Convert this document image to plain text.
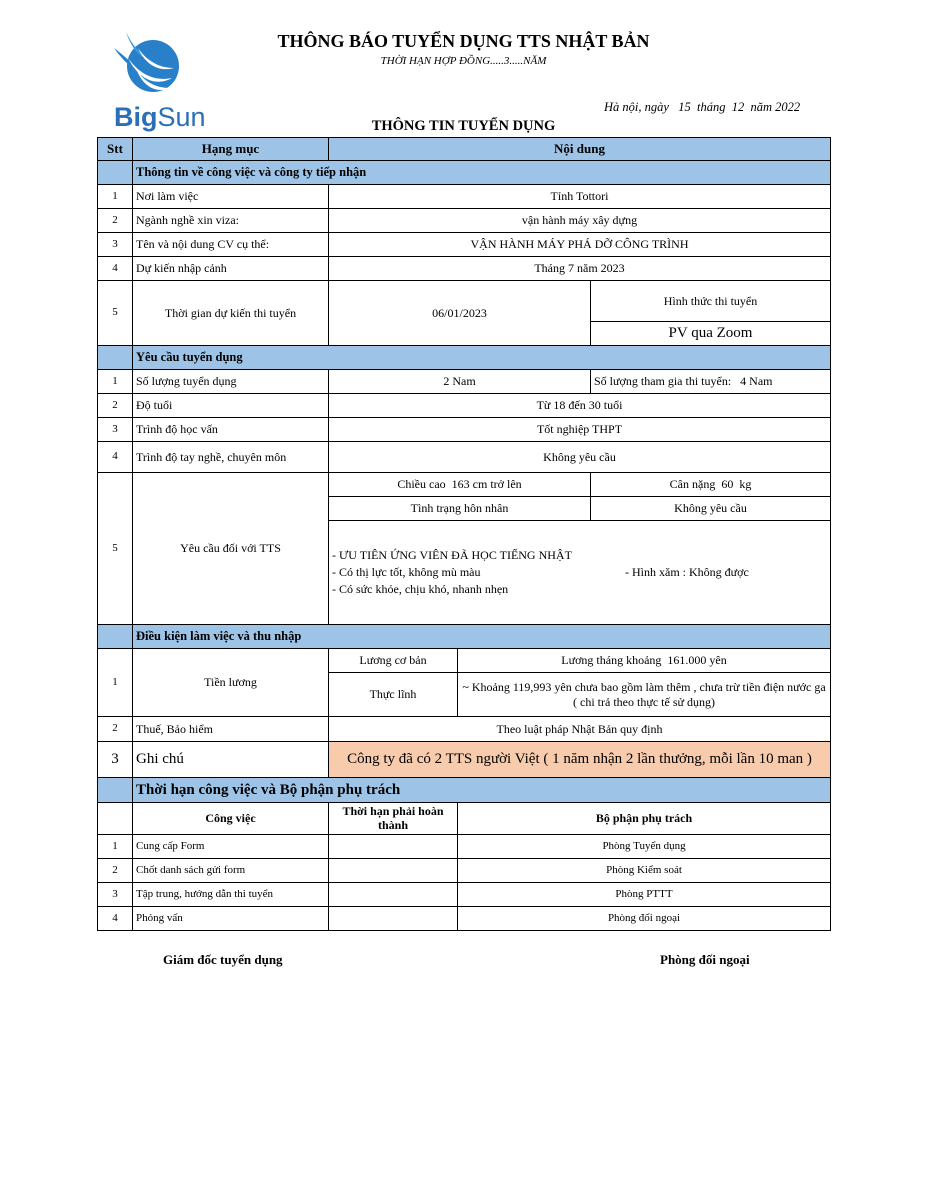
BigSun
THÔNG BÁO TUYỂN DỤNG TTS NHẬT BẢN
THỜI HẠN HỢP ĐỒNG.....3.....NĂM
Hà nội, ngày   15  tháng  12  năm 2022
THÔNG TIN TUYỂN DỤNG
Stt	Hạng mục	Nội dung		
	Thông tin về công việc và công ty tiếp nhận			
1	Nơi làm việc	Tỉnh Tottori		
2	Ngành nghề xin viza:	vận hành máy xây dựng		
3	Tên và nội dung CV cụ thể:	VẬN HÀNH MÁY PHÁ DỠ CÔNG TRÌNH		
4	Dự kiến nhập cảnh	Tháng 7 năm 2023		
5	Thời gian dự kiến thi tuyển	06/01/2023		Hình thức thi tuyển
				PV qua Zoom
	Yêu cầu tuyển dụng			
1	Số lượng tuyển dụng	2 Nam		Số lượng tham gia thi tuyển:   4 Nam
2	Độ tuổi	Từ 18 đến 30 tuổi		
3	Trình độ học vấn	Tốt nghiệp THPT		
4	Trình độ tay nghề, chuyên môn	Không yêu cầu		
5	Yêu cầu đối với TTS	Chiều cao  163 cm trở lên		Cân nặng  60  kg
		Tình trạng hôn nhân		Không yêu cầu

		- ƯU TIÊN ỨNG VIÊN ĐÃ HỌC TIẾNG NHẬT
- Có thị lực tốt, không mù màu - Hình xăm : Không được
- Có sức khỏe, chịu khó, nhanh nhẹn		

	Điều kiện làm việc và thu nhập			
1	Tiền lương	Lương cơ bản	Lương tháng khoảng  161.000 yên	
		Thực lĩnh	~ Khoảng 119,993 yên chưa bao gồm làm thêm , chưa trừ tiền điện nước ga ( chi trả theo thực tế sử dụng)	
2	Thuế, Bảo hiểm	Theo luật pháp Nhật Bản quy định		
3	Ghi chú	Công ty đã có 2 TTS người Việt ( 1 năm nhận 2 lần thưởng, mỗi lần 10 man )		
	Thời hạn công việc và Bộ phận phụ trách			
	Công việc	Thời hạn phải hoàn thành	Bộ phận phụ trách	
1	Cung cấp Form		Phòng Tuyển dụng	
2	Chốt danh sách gửi form		Phòng Kiểm soát	
3	Tập trung, hướng dẫn thi tuyển		Phòng PTTT	
4	Phỏng vấn		Phòng đối ngoại	
Giám đốc tuyển dụng	Phòng đối ngoại
